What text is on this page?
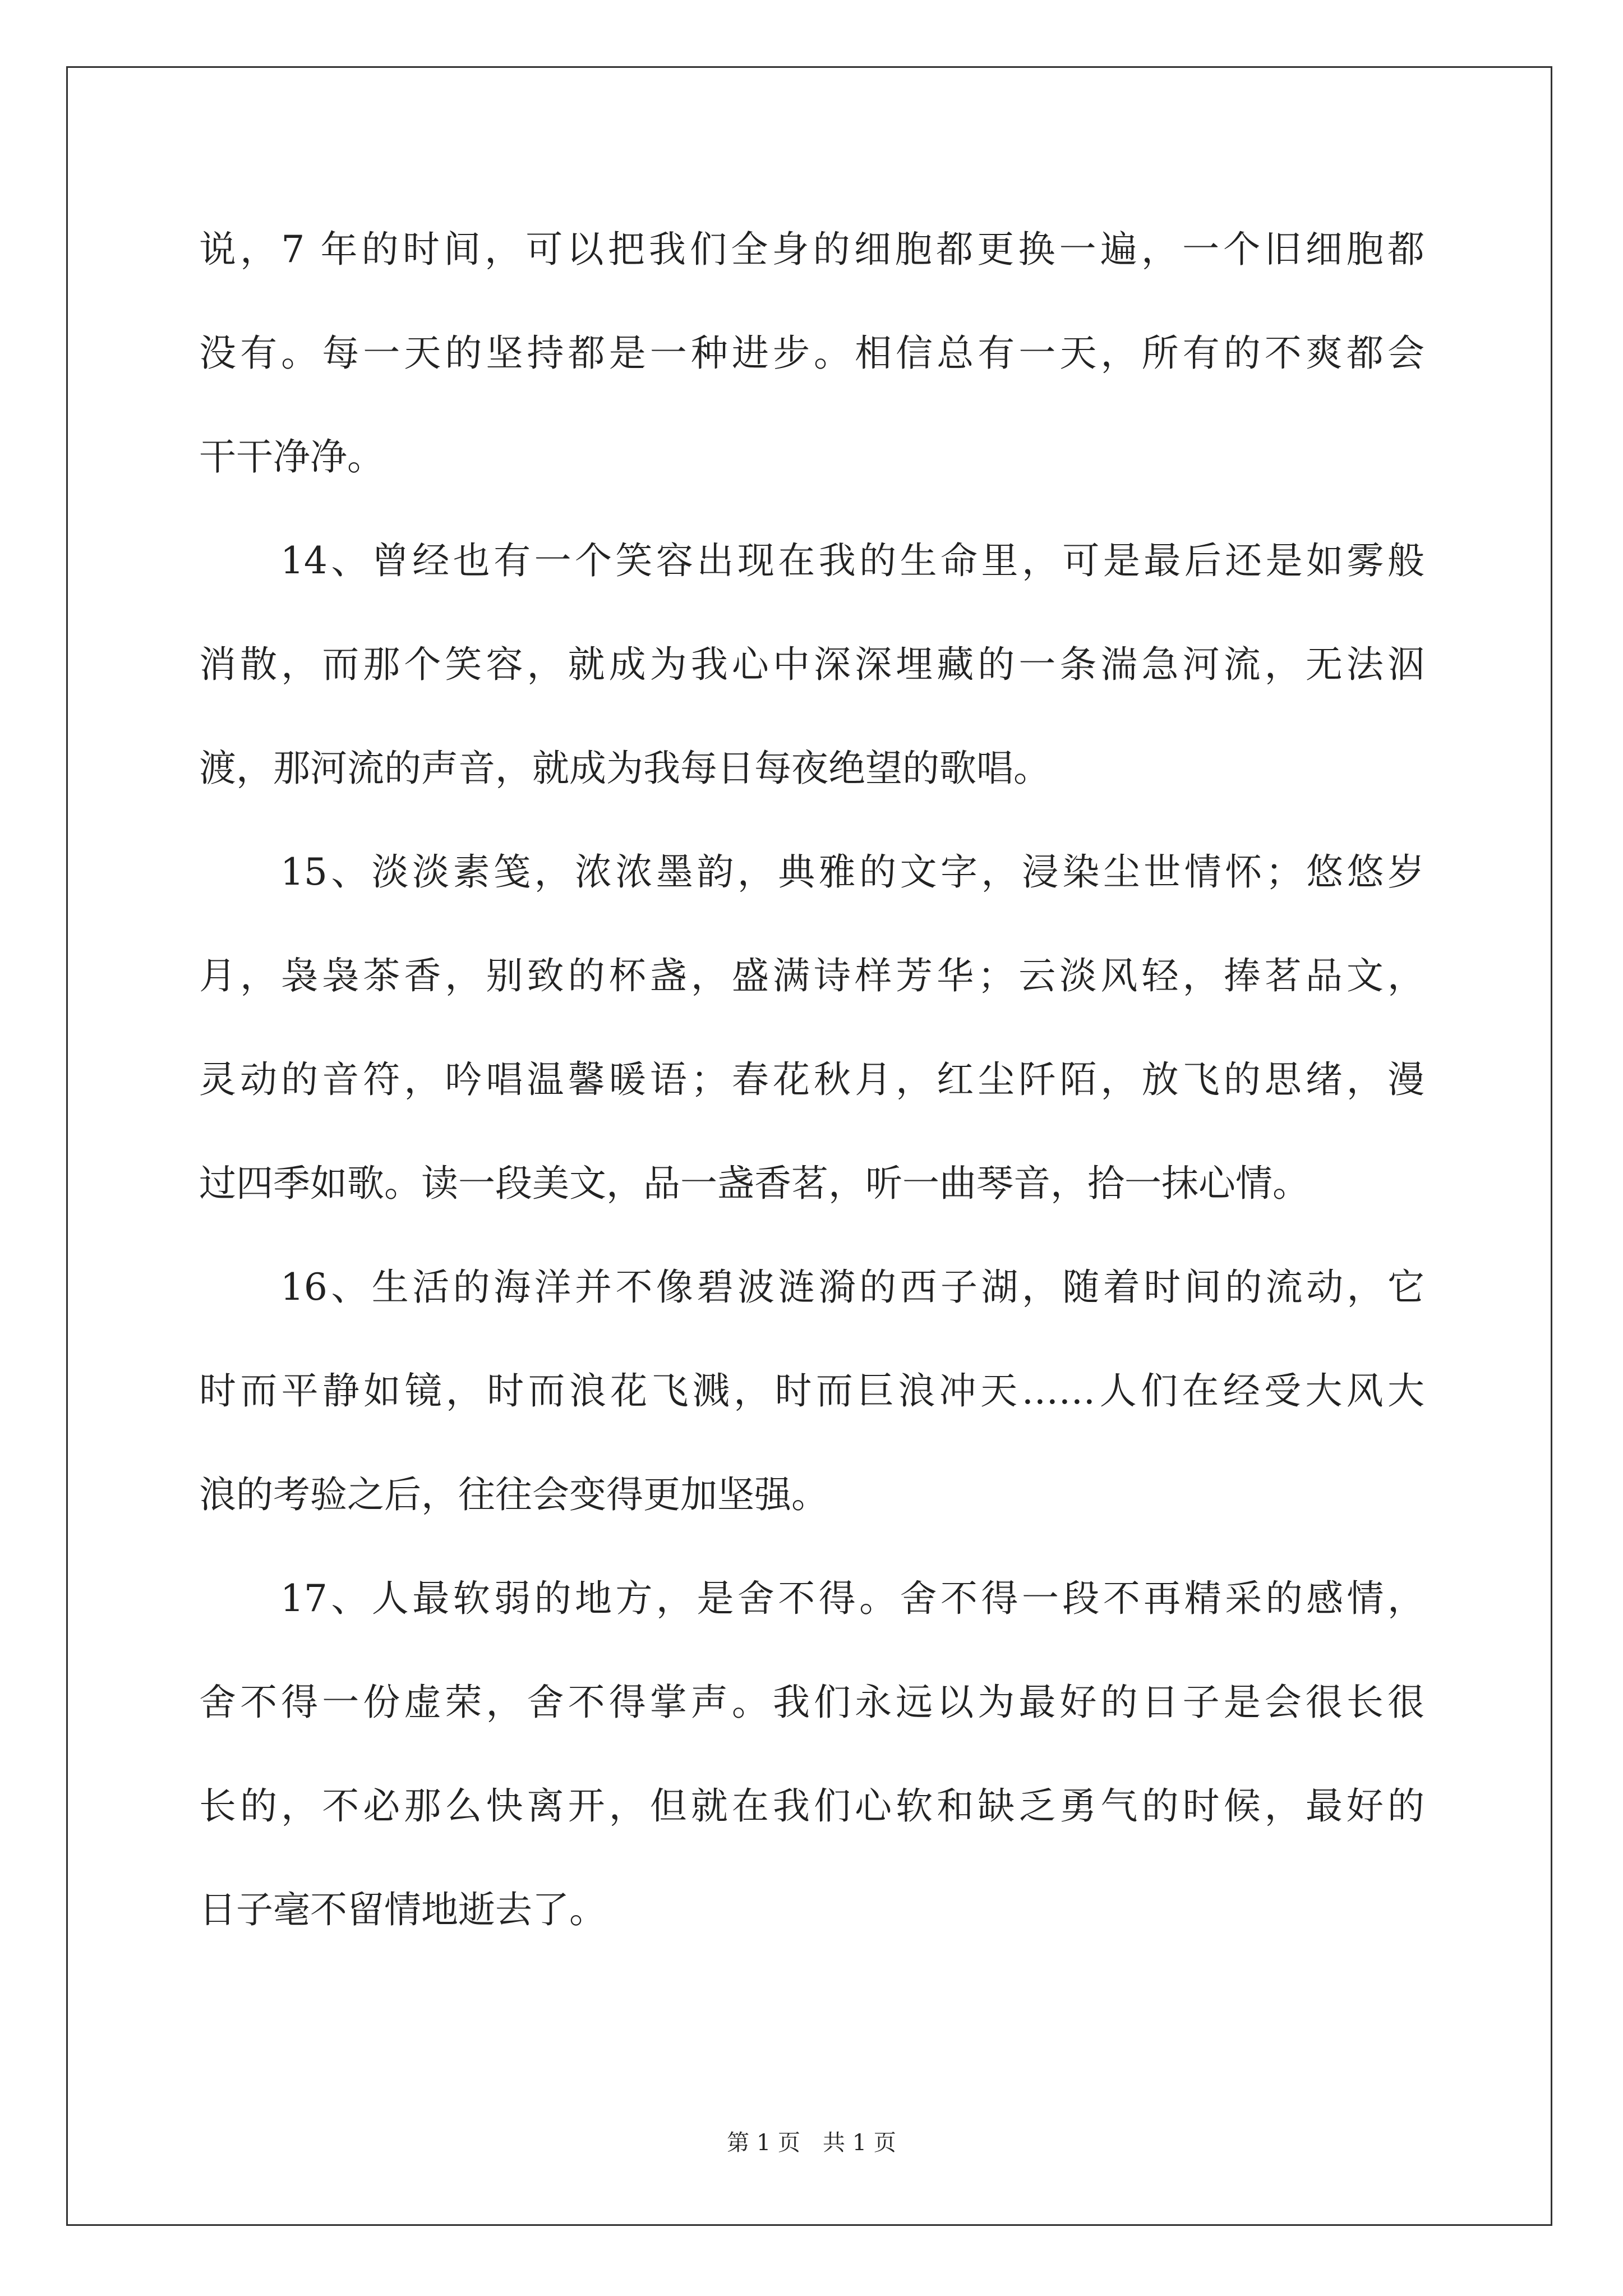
说，7 年的时间，可以把我们全身的细胞都更换一遍，一个旧细胞都
没有。每一天的坚持都是一种进步。相信总有一天，所有的不爽都会
干干净净。
　　14、曾经也有一个笑容出现在我的生命里，可是最后还是如雾般
消散，而那个笑容，就成为我心中深深埋藏的一条湍急河流，无法泅
渡，那河流的声音，就成为我每日每夜绝望的歌唱。
　　15、淡淡素笺，浓浓墨韵，典雅的文字，浸染尘世情怀；悠悠岁
月，袅袅茶香，别致的杯盏，盛满诗样芳华；云淡风轻，捧茗品文，
灵动的音符，吟唱温馨暖语；春花秋月，红尘阡陌，放飞的思绪，漫
过四季如歌。读一段美文，品一盏香茗，听一曲琴音，拾一抹心情。
　　16、生活的海洋并不像碧波涟漪的西子湖，随着时间的流动，它
时而平静如镜，时而浪花飞溅，时而巨浪冲天……人们在经受大风大
浪的考验之后，往往会变得更加坚强。
　　17、人最软弱的地方，是舍不得。舍不得一段不再精采的感情，
舍不得一份虚荣，舍不得掌声。我们永远以为最好的日子是会很长很
长的，不必那么快离开，但就在我们心软和缺乏勇气的时候，最好的
日子毫不留情地逝去了。
第 1 页　共 1 页
